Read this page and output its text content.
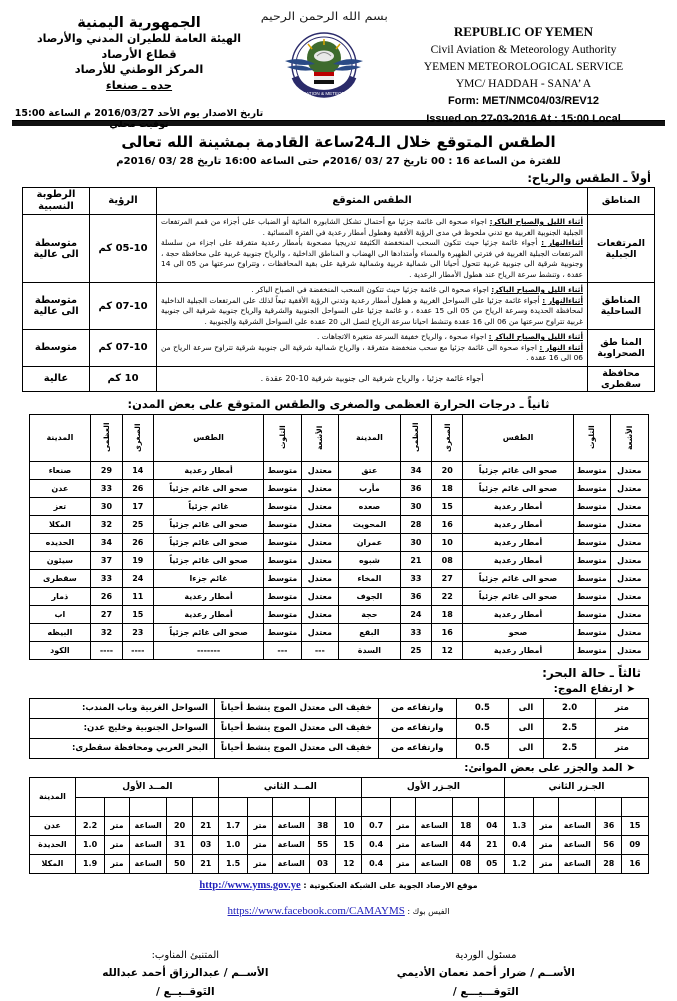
الجمهورية اليمنية
الهيئة العامة للطيران المدني والأرصاد
قطاع الأرصاد
المركز الوطني للأرصاد
حده ـ صنعاء
تاريخ الاصدار يوم الأحد 2016/03/27 م الساعة 15:00 توقيت محلي
بسم الله الرحمن الرحيم
CIVIL AVIATION & METEOROLOGY
REPUBLIC OF YEMEN
Civil Aviation & Meteorology Authority
YEMEN METEOROLOGICAL SERVICE
YMC/ HADDAH - SANA’ A
Form: MET/NMC04/03/REV12
Issued on 27-03-2016 At : 15:00 Local
الطقس المتوقع خلال الـ24ساعة القادمة بمشينة الله تعالى
للفترة من الساعة 16 : 00 تاريخ 27 /03 /2016م حتى الساعة 16:00 تاريخ 28 /03 /2016م
أولاً ـ الطقس والرياح:
المناطق	الطقس المتوقع	الرؤية	الرطوبة
النسبية
المرتفعات الجبلية	أثناء الليل والصباح الباكر: اجواء صحوة الى غائمة جزئيا مع أحتمال تشكل الشابورة المائية أو الضباب على أجزاء من قمم المرتفعات الجبلية الجنوبية الغربية مع تدني ملحوظ في مدى الرؤية الأفقية وهطول أمطار رعدية في الفترة المسائية .

أثناءالنهار : أجواء غائمة جزئيا حيث تتكون السحب المنخفضة الكثيفة تدريجيا مصحوبة بأمطار رعدية متفرقة على اجزاء من سلسلة المرتفعات الجبلية الغربية في فترتي الظهيرة والمساء وأمتدادها الى الهضاب و المناطق الداخلية ، والرياح جنوبية غربية على محافظة حجة ، وجنوبية شرقية الى جنوبية غربية تتحول أحيانا الى شمالية غربية وشمالية شرقية على بقية المحافظات ، وتتراوح سرعتها من 05 الى 14 عقدة ، وتنشط سرعة الرياح عند هطول الأمطار الرعدية .	05-10 كم	متوسطة الى عالية
المناطق الساحلية	أثناء الليل والصباح الباكر: اجواء صحوة الى غائمة جزئيا حيث تتكون السحب المنخفضة في الصباح الباكر .

أثناءالنهار : أجواء غائمة جزئيا على السواحل الغربية و هطول أمطار رعدية وتدني الرؤية الأفقية تبعاً لذلك على المرتفعات الجبلية الداخلية لمحافظة الحديدة وسرعة الرياح من 05 الى 15 عقدة ، و غائمة جزئيا على السواحل الجنوبية والشرقية والرياح جنوبية شرقية الى جنوبية غربية تتراوح سرعتها من 06 الى 16 عقدة وتنشط احيانا سرعة الرياح لتصل الى 20 عقدة على السواحل الشرقية والجنوبية .	07-10 كم	متوسطة الى عالية
المنا طق الصحراوية	أثناء الليل والصباح الباكر : اجواء صحوة ، والرياح خفيفة السرعة متغيرة الاتجاهات .

أثناء النهار : اجواء صحوة الى غائمة جزئيا مع سحب منخفضة متفرقة ، والرياح شمالية شرقية الى جنوبية شرقية تتراوح سرعة الرياح من 06 الى 16 عقدة .	07-10 كم	متوسطة
محافظة سقطرى	أجواء غائمة جزئيا ، والرياح شرقية الى جنوبية شرقية 10-20 عقدة .	10 كم	عالية
ثانياً ـ درجات الحرارة العظمى والصغرى والطقس المتوقع على بعض المدن:
الأشعة	التلوث	الطقس	الصغرى	العظمى	المدينة	الأشعة	التلوث	الطقس	الصغرى	العظمى	المدينة
معتدل	متوسط	صحو الى غائم جزئياً	20	34	عتق	معتدل	متوسط	أمطار رعدية	14	29	صنعاء
معتدل	متوسط	صحو الى غائم جزئياً	18	36	مأرب	معتدل	متوسط	صحو الى غائم جزئياً	26	33	عدن
معتدل	متوسط	أمطار رعدية	15	30	صعده	معتدل	متوسط	غائم جزئياً	17	30	تعز
معتدل	متوسط	أمطار رعدية	16	28	المحويت	معتدل	متوسط	صحو الى غائم جزئياً	25	32	المكلا
معتدل	متوسط	أمطار رعدية	10	30	عمران	معتدل	متوسط	صحو الى غائم جزئياً	26	34	الحديده
معتدل	متوسط	أمطار رعدية	08	21	شبوه	معتدل	متوسط	صحو الى غائم جزئياً	19	37	سيئون
معتدل	متوسط	صحو الى غائم جزئياً	27	33	المخاء	معتدل	متوسط	غائم جزءا	24	33	سقطرى
معتدل	متوسط	صحو الى غائم جزئياً	22	36	الجوف	معتدل	متوسط	أمطار رعدية	11	26	ذمار
معتدل	متوسط	أمطار رعدية	18	24	حجة	معتدل	متوسط	أمطار رعدية	15	27	اب
معتدل	متوسط	صحو	16	33	البقع	معتدل	متوسط	صحو الى غائم جزئياً	23	32	البيظه
معتدل	متوسط	أمطار رعدية	12	25	السدة	---	---	-------	----	----	الكود
ثالثاً ـ حالة البحر:
➤ ارتفاع الموج:
متر	2.0	الى	0.5	وارتفاعه من	خفيف الى معتدل الموج ينشط أحياناً	السواحل الغربية وباب المندب:
متر	2.5	الى	0.5	وارتفاعه من	خفيف الى معتدل الموج ينشط أحياناً	السواحل الجنوبية وخليج عدن:
متر	2.5	الى	0.5	وارتفاعه من	خفيف الى معتدل الموج ينشط أحياناً	البحر العربي ومحافظة سقطرى:
➤ المد والجزر على بعض الموانئ:
الجـزر الثاني					الجـزر الأول					المــد الثاني					المــد الأول					المدينة

15	36	الساعة	متر	1.3	04	18	الساعة	متر	0.7	10	38	الساعة	متر	1.7	21	20	الساعة	متر	2.2	عدن
09	56	الساعة	متر	0.4	21	44	الساعة	متر	0.4	15	55	الساعة	متر	1.0	03	31	الساعة	متر	1.0	الحديدة
16	28	الساعة	متر	1.2	05	08	الساعة	متر	0.4	12	03	الساعة	متر	1.5	21	50	الساعة	متر	1.9	المكلا
موقع الارصاد الجوية على الشبكة العنكبوتية : http://www.yms.gov.ye
الفيس بوك : https://www.facebook.com/CAMAYMS
المتنبئ المناوب:
الأســم / عبدالرزاق أحمد عبدالله
التَوقــيــع /
مسئول الوردية
الأســم / ضرار أحمد نعمان الأديمي
التَوقـــيـــع /
